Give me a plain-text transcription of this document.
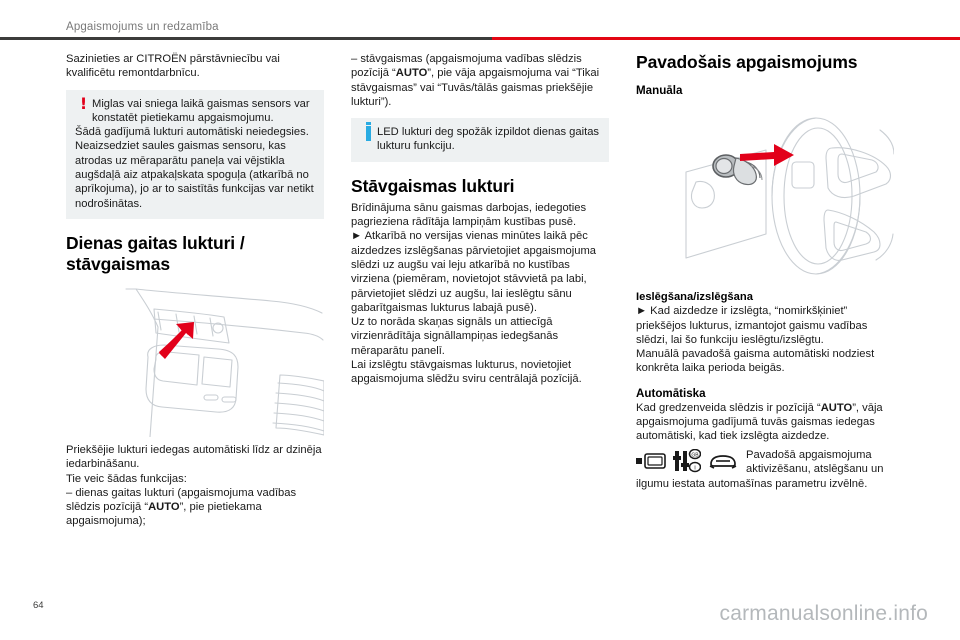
Apgaismojums un redzamība

Sazinieties ar CITROËN pārstāvniecību vai kvalificētu remontdarbnīcu.

! Miglas vai sniega laikā gaismas sensors var konstatēt pietiekamu apgaismojumu.

Šādā gadījumā lukturi automātiski neiedegsies.

Neaizsedziet saules gaismas sensoru, kas atrodas uz mēraparātu paneļa vai vējstikla augšdaļā aiz atpakaļskata spoguļa (atkarībā no aprīkojuma), jo ar to saistītās funkcijas var netikt nodrošinātas.

Dienas gaitas lukturi / stāvgaismas

Priekšējie lukturi iedegas automātiski līdz ar dzinēja iedarbināšanu.

Tie veic šādas funkcijas:

– dienas gaitas lukturi (apgaismojuma vadības slēdzis pozīcijā “AUTO”, pie pietiekama apgaismojuma);

– stāvgaismas (apgaismojuma vadības slēdzis pozīcijā “AUTO”, pie vāja apgaismojuma vai “Tikai stāvgaismas” vai “Tuvās/tālās gaismas priekšējie lukturi”).

LED lukturi deg spožāk izpildot dienas gaitas lukturu funkciju.

Stāvgaismas lukturi

Brīdinājuma sānu gaismas darbojas, iedegoties pagrieziena rādītāja lampiņām kustības pusē.

► Atkarībā no versijas vienas minūtes laikā pēc aizdedzes izslēgšanas pārvietojiet apgaismojuma slēdzi uz augšu vai leju atkarībā no kustības virziena (piemēram, novietojot stāvvietā pa labi, pārvietojiet slēdzi uz augšu, lai ieslēgtu sānu gabarītgaismas lukturus labajā pusē).

Uz to norāda skaņas signāls un attiecīgā virzienrādītāja signāllampiņas iedegšanās mēraparātu panelī.

Lai izslēgtu stāvgaismas lukturus, novietojiet apgaismojuma slēdžu sviru centrālajā pozīcijā.

Pavadošais apgaismojums
Manuāla
Ieslēgšana/izslēgšana

► Kad aizdedze ir izslēgta, “nomirkšķiniet” priekšējos lukturus, izmantojot gaismu vadības slēdzi, lai šo funkciju ieslēgtu/izslēgtu.

Manuālā pavadošā gaisma automātiski nodziest konkrēta laika perioda beigās.

Automātiska

Kad gredzenveida slēdzis ir pozīcijā “AUTO”, vāja apgaismojuma gadījumā tuvās gaismas iedegas automātiski, kad tiek izslēgta aizdedze.

GB
I

Pavadošā apgaismojuma aktivizēšanu, atslēgšanu un

ilgumu iestata automašīnas parametru izvēlnē.

64	carmanualsonline.info
